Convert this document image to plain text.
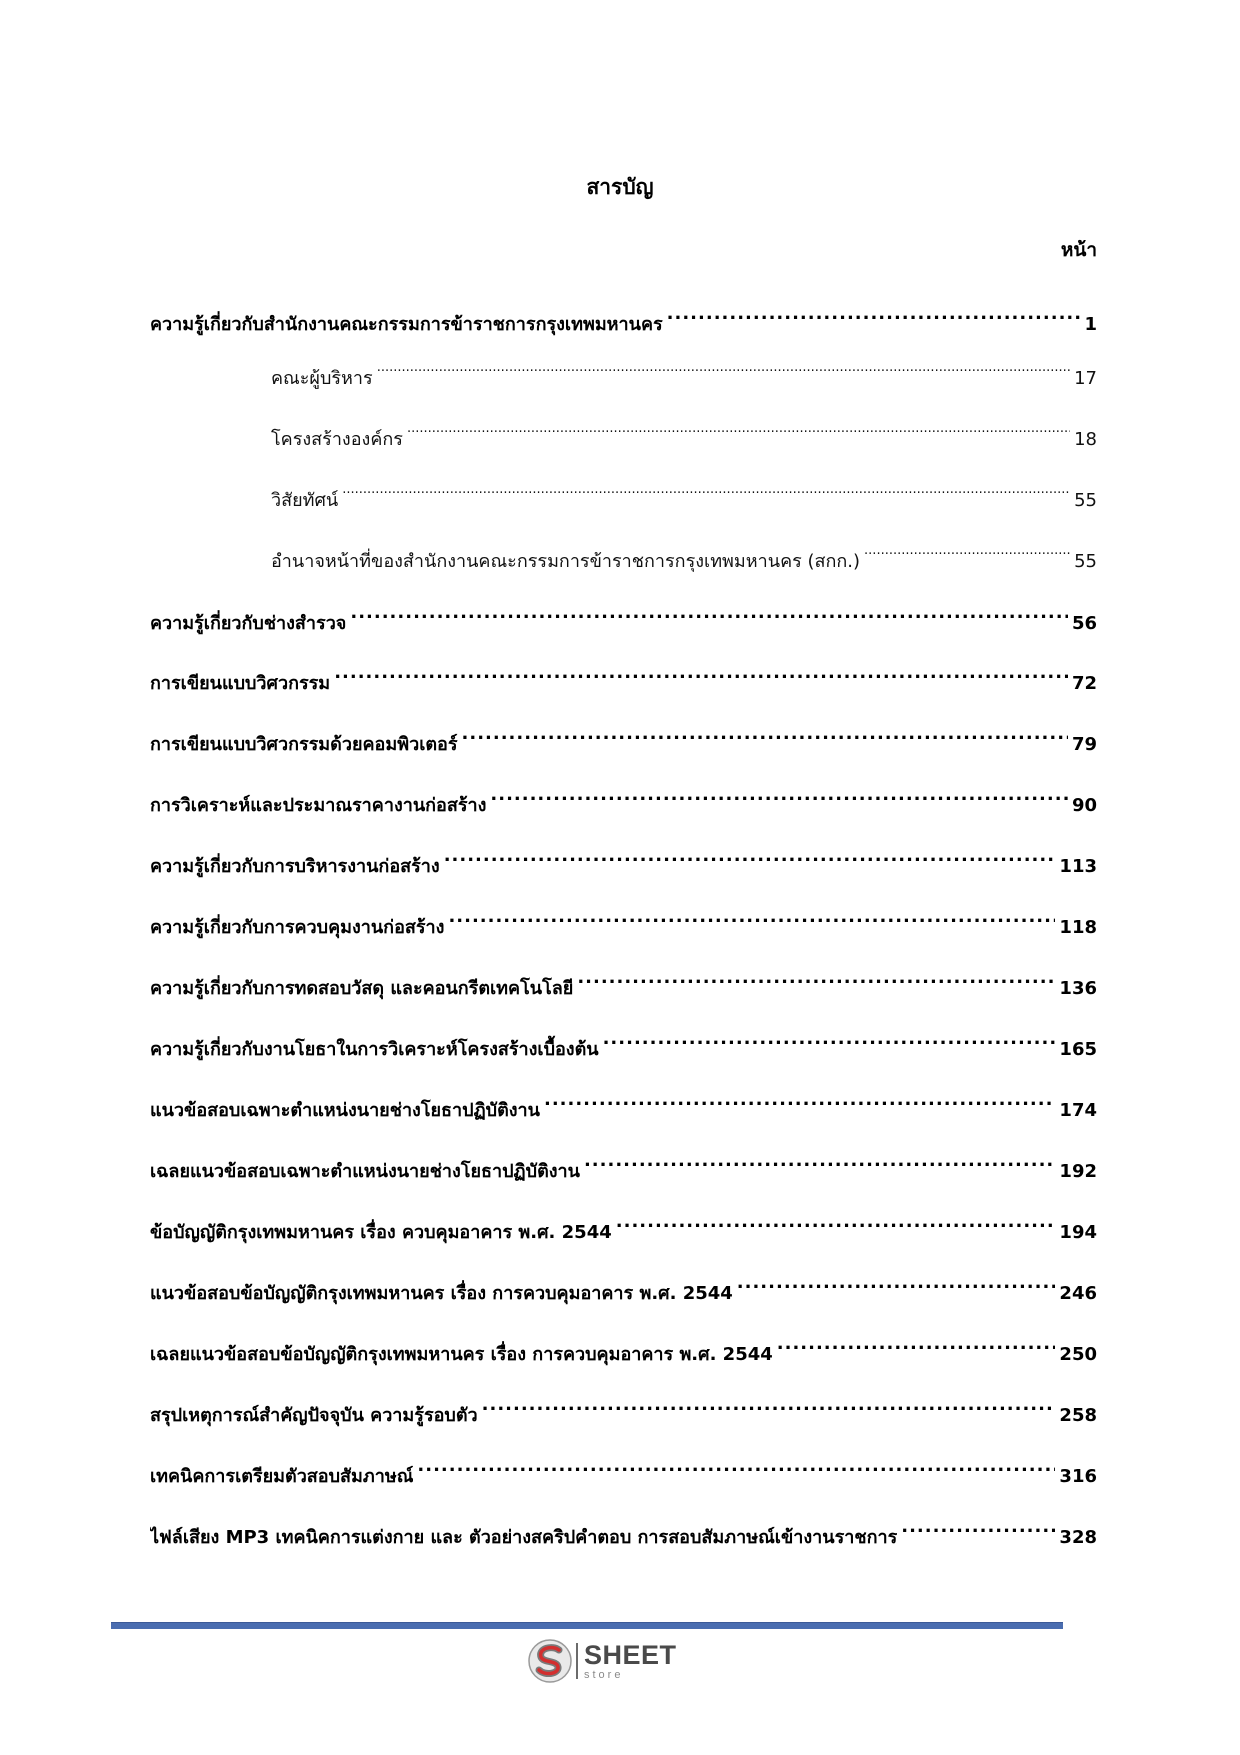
สารบัญ
หน้า
ความรู้เกี่ยวกับสำนักงานคณะกรรมการข้าราชการกรุงเทพมหานคร .....	1
คณะผู้บริหาร .....	17
โครงสร้างองค์กร .....	18
วิสัยทัศน์ .....	55
อำนาจหน้าที่ของสำนักงานคณะกรรมการข้าราชการกรุงเทพมหานคร (สกก.) .....	55
ความรู้เกี่ยวกับช่างสำรวจ .....	56
การเขียนแบบวิศวกรรม .....	72
การเขียนแบบวิศวกรรมด้วยคอมพิวเตอร์ .....	79
การวิเคราะห์และประมาณราคางานก่อสร้าง .....	90
ความรู้เกี่ยวกับการบริหารงานก่อสร้าง .....	113
ความรู้เกี่ยวกับการควบคุมงานก่อสร้าง .....	118
ความรู้เกี่ยวกับการทดสอบวัสดุ และคอนกรีตเทคโนโลยี .....	136
ความรู้เกี่ยวกับงานโยธาในการวิเคราะห์โครงสร้างเบื้องต้น .....	165
แนวข้อสอบเฉพาะตำแหน่งนายช่างโยธาปฏิบัติงาน .....	174
เฉลยแนวข้อสอบเฉพาะตำแหน่งนายช่างโยธาปฏิบัติงาน .....	192
ข้อบัญญัติกรุงเทพมหานคร เรื่อง ควบคุมอาคาร พ.ศ. 2544 .....	194
แนวข้อสอบข้อบัญญัติกรุงเทพมหานคร เรื่อง การควบคุมอาคาร พ.ศ. 2544 .....	246
เฉลยแนวข้อสอบข้อบัญญัติกรุงเทพมหานคร เรื่อง การควบคุมอาคาร พ.ศ. 2544 .....	250
สรุปเหตุการณ์สำคัญปัจจุบัน ความรู้รอบตัว .....	258
เทคนิคการเตรียมตัวสอบสัมภาษณ์ .....	316
ไฟล์เสียง MP3 เทคนิคการแต่งกาย และ ตัวอย่างสคริปคำตอบ การสอบสัมภาษณ์เข้างานราชการ .....	328
SHEET
store
